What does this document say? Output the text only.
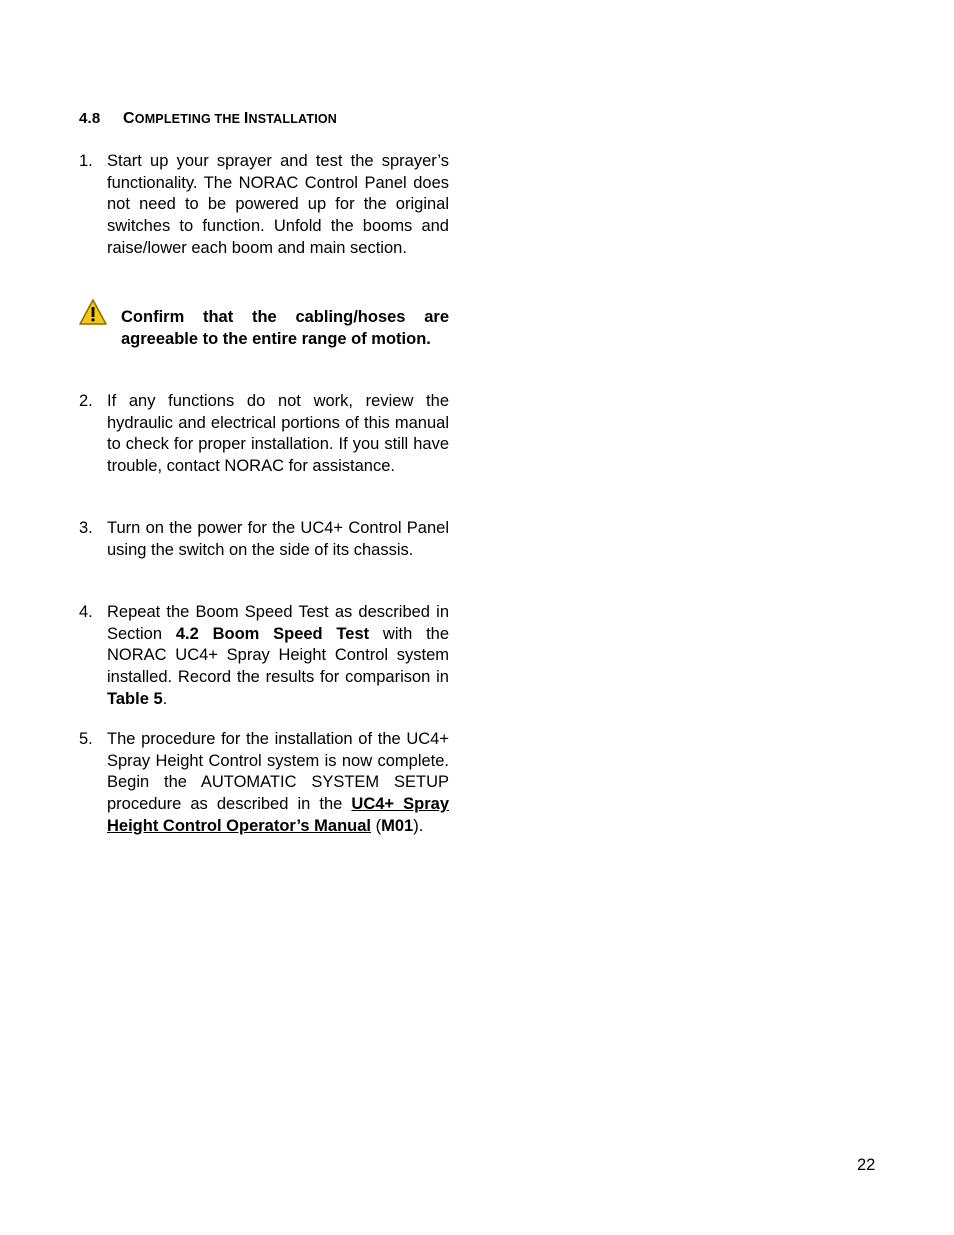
4.8 COMPLETING THE INSTALLATION
1. Start up your sprayer and test the sprayer’s functionality. The NORAC Control Panel does not need to be powered up for the original switches to function. Unfold the booms and raise/lower each boom and main section.
Confirm that the cabling/hoses are agreeable to the entire range of motion.
2. If any functions do not work, review the hydraulic and electrical portions of this manual to check for proper installation. If you still have trouble, contact NORAC for assistance.
3. Turn on the power for the UC4+ Control Panel using the switch on the side of its chassis.
4. Repeat the Boom Speed Test as described in Section 4.2 Boom Speed Test with the NORAC UC4+ Spray Height Control system installed. Record the results for comparison in Table 5.
5. The procedure for the installation of the UC4+ Spray Height Control system is now complete. Begin the AUTOMATIC SYSTEM SETUP procedure as described in the UC4+ Spray Height Control Operator’s Manual (M01).
22
